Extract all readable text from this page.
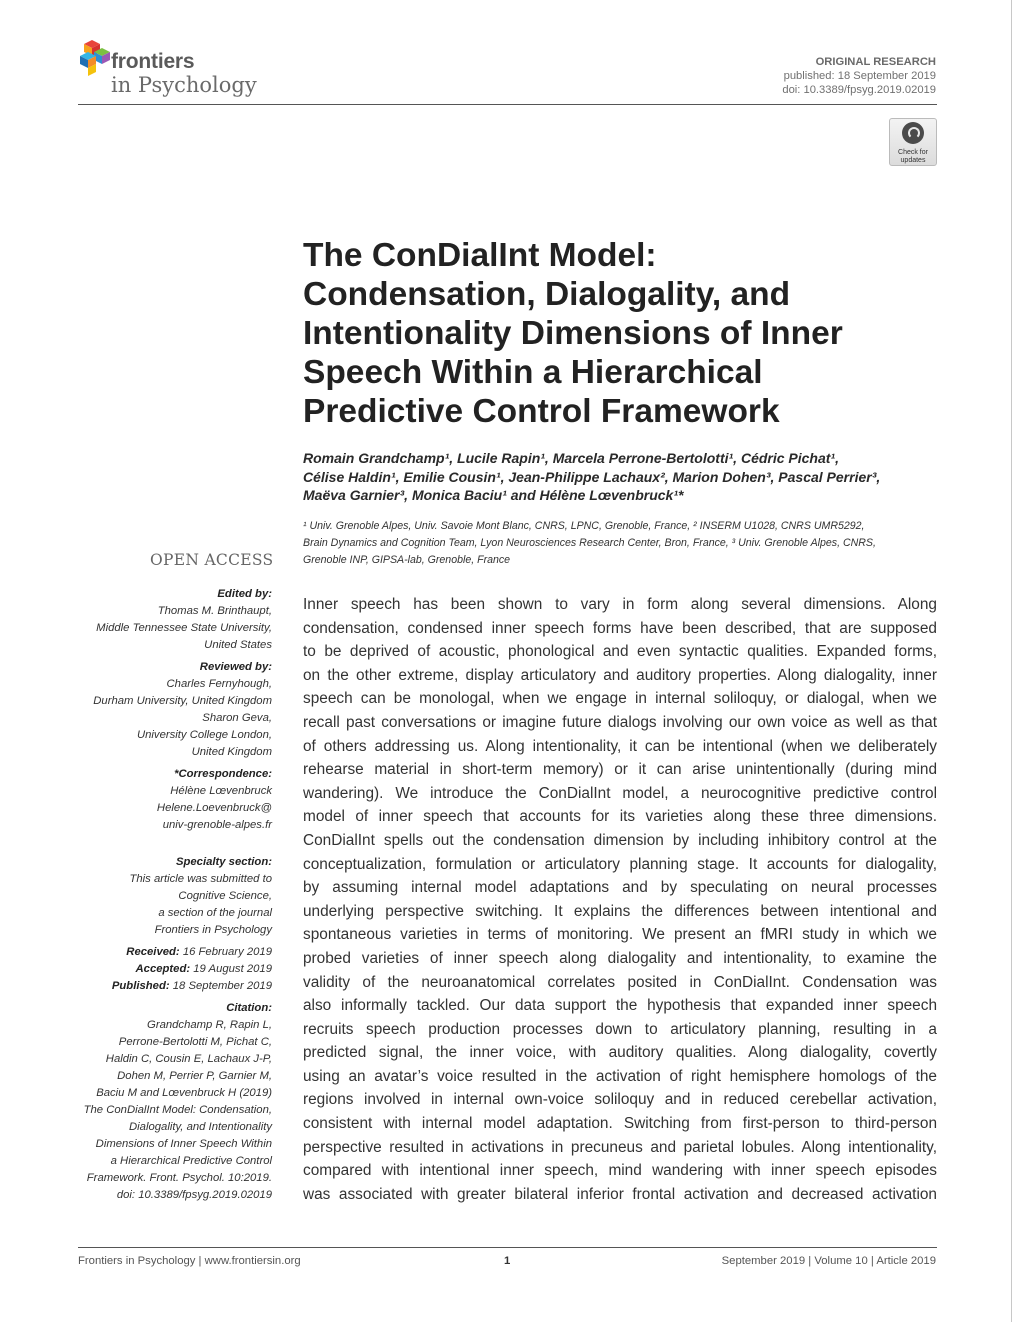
frontiers
in Psychology
ORIGINAL RESEARCH
published: 18 September 2019
doi: 10.3389/fpsyg.2019.02019
Check for
updates
The ConDialInt Model:
Condensation, Dialogality, and
Intentionality Dimensions of Inner
Speech Within a Hierarchical
Predictive Control Framework
Romain Grandchamp¹, Lucile Rapin¹, Marcela Perrone-Bertolotti¹, Cédric Pichat¹,
Célise Haldin¹, Emilie Cousin¹, Jean-Philippe Lachaux², Marion Dohen³, Pascal Perrier³,
Maëva Garnier³, Monica Baciu¹ and Hélène Lœvenbruck¹*
¹ Univ. Grenoble Alpes, Univ. Savoie Mont Blanc, CNRS, LPNC, Grenoble, France, ² INSERM U1028, CNRS UMR5292,
Brain Dynamics and Cognition Team, Lyon Neurosciences Research Center, Bron, France, ³ Univ. Grenoble Alpes, CNRS,
Grenoble INP, GIPSA-lab, Grenoble, France
OPEN ACCESS
Edited by:
Thomas M. Brinthaupt,
Middle Tennessee State University,
United States
Reviewed by:
Charles Fernyhough,
Durham University, United Kingdom
Sharon Geva,
University College London,
United Kingdom
*Correspondence:
Hélène Lœvenbruck
Helene.Loevenbruck@
univ-grenoble-alpes.fr
Specialty section:
This article was submitted to
Cognitive Science,
a section of the journal
Frontiers in Psychology
Received: 16 February 2019
Accepted: 19 August 2019
Published: 18 September 2019
Citation:
Grandchamp R, Rapin L,
Perrone-Bertolotti M, Pichat C,
Haldin C, Cousin E, Lachaux J-P,
Dohen M, Perrier P, Garnier M,
Baciu M and Lœvenbruck H (2019)
The ConDialInt Model: Condensation,
Dialogality, and Intentionality
Dimensions of Inner Speech Within
a Hierarchical Predictive Control
Framework. Front. Psychol. 10:2019.
doi: 10.3389/fpsyg.2019.02019
Inner speech has been shown to vary in form along several dimensions. Along
condensation, condensed inner speech forms have been described, that are supposed
to be deprived of acoustic, phonological and even syntactic qualities. Expanded forms,
on the other extreme, display articulatory and auditory properties. Along dialogality, inner
speech can be monologal, when we engage in internal soliloquy, or dialogal, when we
recall past conversations or imagine future dialogs involving our own voice as well as that
of others addressing us. Along intentionality, it can be intentional (when we deliberately
rehearse material in short-term memory) or it can arise unintentionally (during mind
wandering). We introduce the ConDialInt model, a neurocognitive predictive control
model of inner speech that accounts for its varieties along these three dimensions.
ConDialInt spells out the condensation dimension by including inhibitory control at the
conceptualization, formulation or articulatory planning stage. It accounts for dialogality,
by assuming internal model adaptations and by speculating on neural processes
underlying perspective switching. It explains the differences between intentional and
spontaneous varieties in terms of monitoring. We present an fMRI study in which we
probed varieties of inner speech along dialogality and intentionality, to examine the
validity of the neuroanatomical correlates posited in ConDialInt. Condensation was
also informally tackled. Our data support the hypothesis that expanded inner speech
recruits speech production processes down to articulatory planning, resulting in a
predicted signal, the inner voice, with auditory qualities. Along dialogality, covertly
using an avatar’s voice resulted in the activation of right hemisphere homologs of the
regions involved in internal own-voice soliloquy and in reduced cerebellar activation,
consistent with internal model adaptation. Switching from first-person to third-person
perspective resulted in activations in precuneus and parietal lobules. Along intentionality,
compared with intentional inner speech, mind wandering with inner speech episodes
was associated with greater bilateral inferior frontal activation and decreased activation
Frontiers in Psychology | www.frontiersin.org	1	September 2019 | Volume 10 | Article 2019
